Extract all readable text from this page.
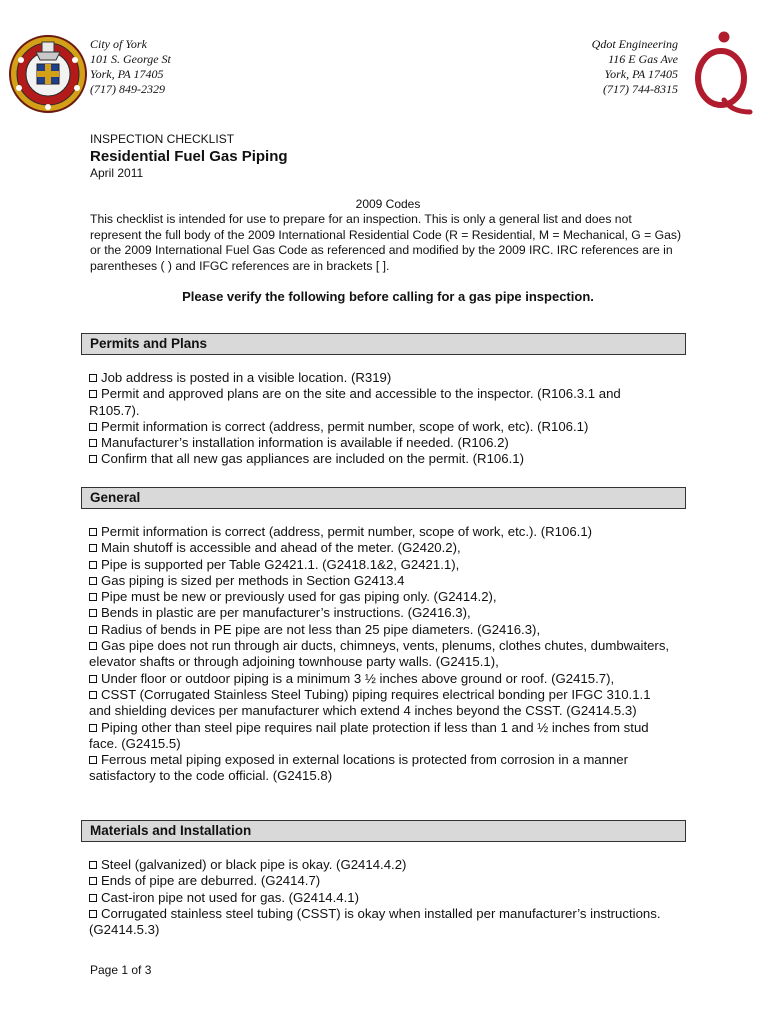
City of York
101 S. George St
York, PA 17405
(717) 849-2329
Qdot Engineering
116 E Gas Ave
York, PA 17405
(717) 744-8315
INSPECTION CHECKLIST
Residential Fuel Gas Piping
April 2011
2009 Codes

This checklist is intended for use to prepare for an inspection. This is only a general list and does not represent the full body of the 2009 International Residential Code (R = Residential, M = Mechanical, G = Gas) or the 2009 International Fuel Gas Code as referenced and modified by the 2009 IRC. IRC references are in parentheses ( ) and IFGC references are in brackets [ ].

Please verify the following before calling for a gas pipe inspection.
Permits and Plans

Job address is posted in a visible location. (R319)

Permit and approved plans are on the site and accessible to the inspector. (R106.3.1 and R105.7).

Permit information is correct (address, permit number, scope of work, etc). (R106.1)

Manufacturer’s installation information is available if needed. (R106.2)

Confirm that all new gas appliances are included on the permit. (R106.1)

General

Permit information is correct (address, permit number, scope of work, etc.). (R106.1)

Main shutoff is accessible and ahead of the meter. (G2420.2),

Pipe is supported per Table G2421.1. (G2418.1&2, G2421.1),

Gas piping is sized per methods in Section G2413.4

Pipe must be new or previously used for gas piping only. (G2414.2),

Bends in plastic are per manufacturer’s instructions. (G2416.3),

Radius of bends in PE pipe are not less than 25 pipe diameters. (G2416.3),

Gas pipe does not run through air ducts, chimneys, vents, plenums, clothes chutes, dumbwaiters, elevator shafts or through adjoining townhouse party walls. (G2415.1),

Under floor or outdoor piping is a minimum 3 ½ inches above ground or roof. (G2415.7),

CSST (Corrugated Stainless Steel Tubing) piping requires electrical bonding per IFGC 310.1.1 and shielding devices per manufacturer which extend 4 inches beyond the CSST. (G2414.5.3)

Piping other than steel pipe requires nail plate protection if less than 1 and ½ inches from stud face. (G2415.5)

Ferrous metal piping exposed in external locations is protected from corrosion in a manner satisfactory to the code official. (G2415.8)

Materials and Installation

Steel (galvanized) or black pipe is okay. (G2414.4.2)

Ends of pipe are deburred. (G2414.7)

Cast-iron pipe not used for gas. (G2414.4.1)

Corrugated stainless steel tubing (CSST) is okay when installed per manufacturer’s instructions. (G2414.5.3)

Page 1 of 3
